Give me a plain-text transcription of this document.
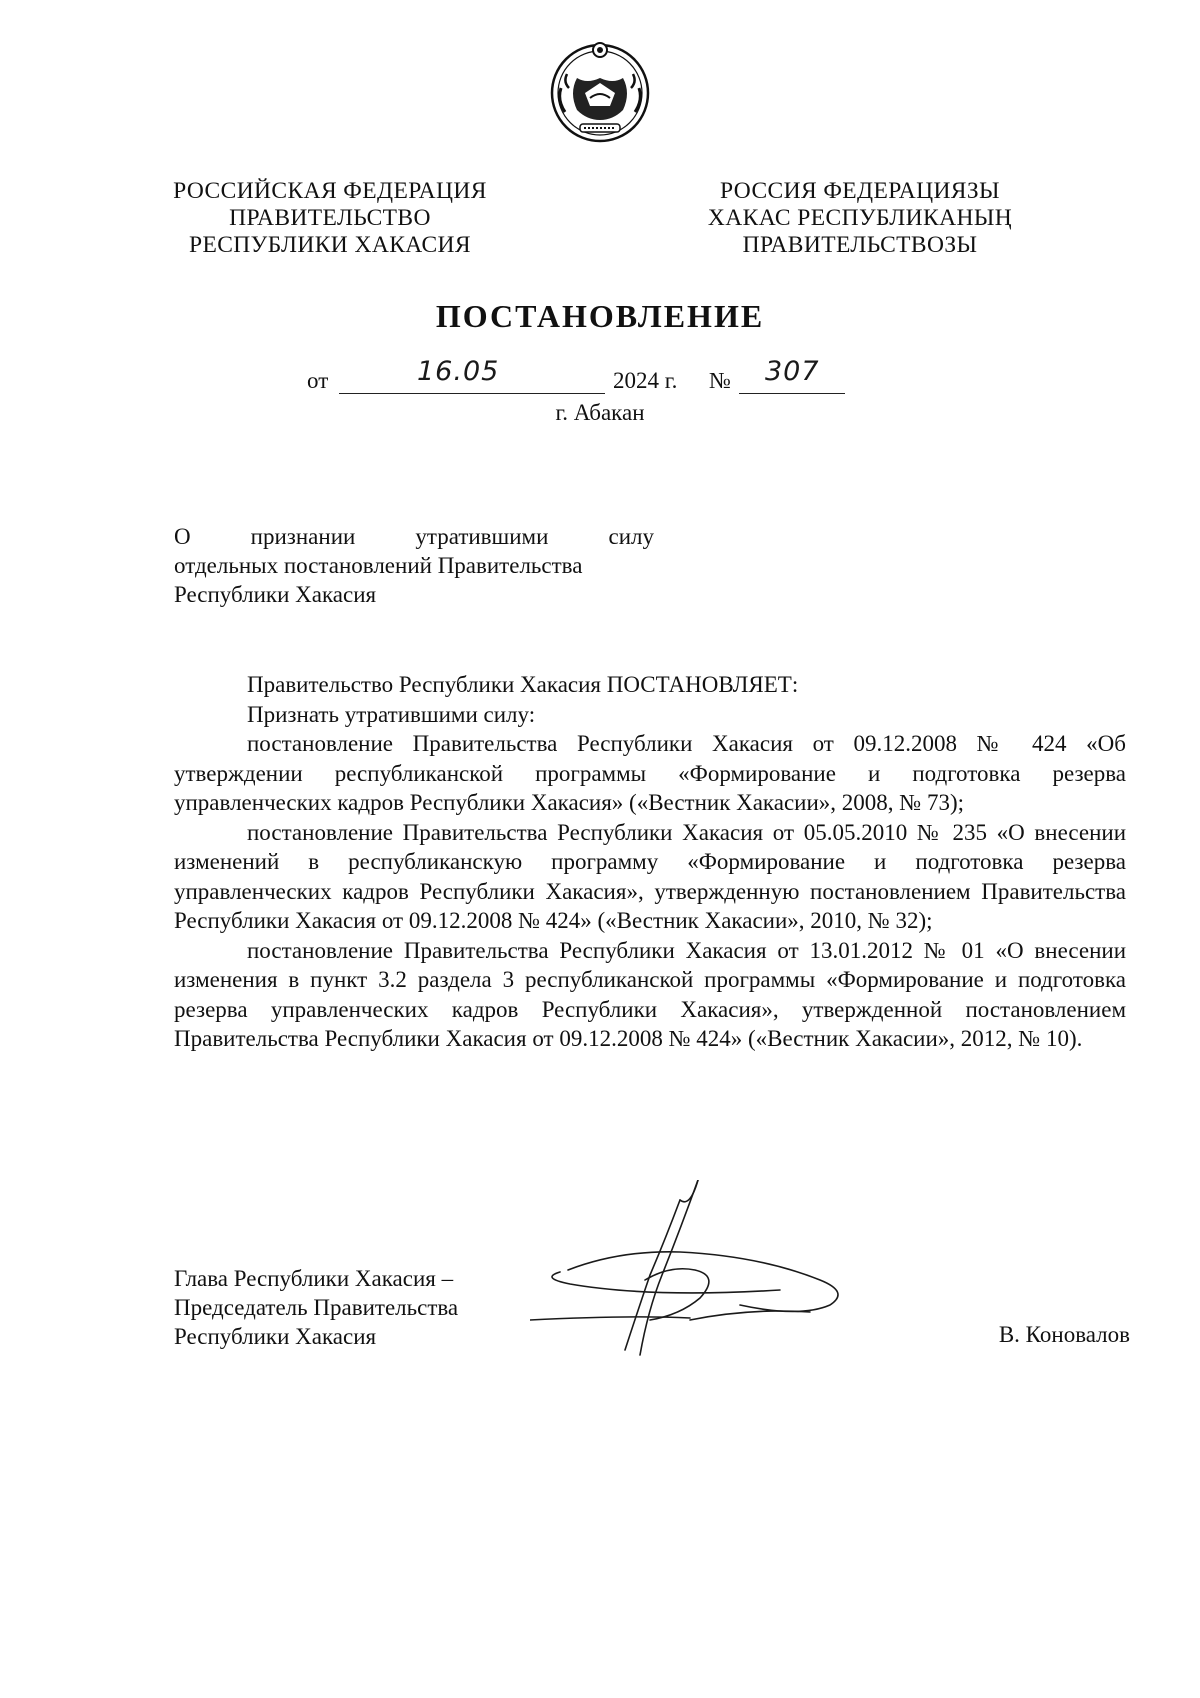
РОССИЙСКАЯ ФЕДЕРАЦИЯ
ПРАВИТЕЛЬСТВО
РЕСПУБЛИКИ ХАКАСИЯ
РОССИЯ ФЕДЕРАЦИЯЗЫ
ХАКАС РЕСПУБЛИКАНЫҢ
ПРАВИТЕЛЬСТВОЗЫ
ПОСТАНОВЛЕНИЕ
от	16.05	2024 г. № 307
г. Абакан
О	признании	утратившими	силу
отдельных постановлений Правительства
Республики Хакасия

Правительство Республики Хакасия ПОСТАНОВЛЯЕТ:

Признать утратившими силу:

постановление Правительства Республики Хакасия от 09.12.2008 № 424 «Об утверждении республиканской программы «Формирование и подготовка резерва управленческих кадров Республики Хакасия» («Вестник Хакасии», 2008, № 73);

постановление Правительства Республики Хакасия от 05.05.2010 № 235 «О внесении изменений в республиканскую программу «Формирование и подготовка резерва управленческих кадров Республики Хакасия», утвержденную постановлением Правительства Республики Хакасия от 09.12.2008 № 424» («Вестник Хакасии», 2010, № 32);

постановление Правительства Республики Хакасия от 13.01.2012 № 01 «О внесении изменения в пункт 3.2 раздела 3 республиканской программы «Формирование и подготовка резерва управленческих кадров Республики Хакасия», утвержденной постановлением Правительства Республики Хакасия от 09.12.2008 № 424» («Вестник Хакасии», 2012, № 10).

Глава Республики Хакасия –
Председатель Правительства
Республики Хакасия	В. Коновалов
